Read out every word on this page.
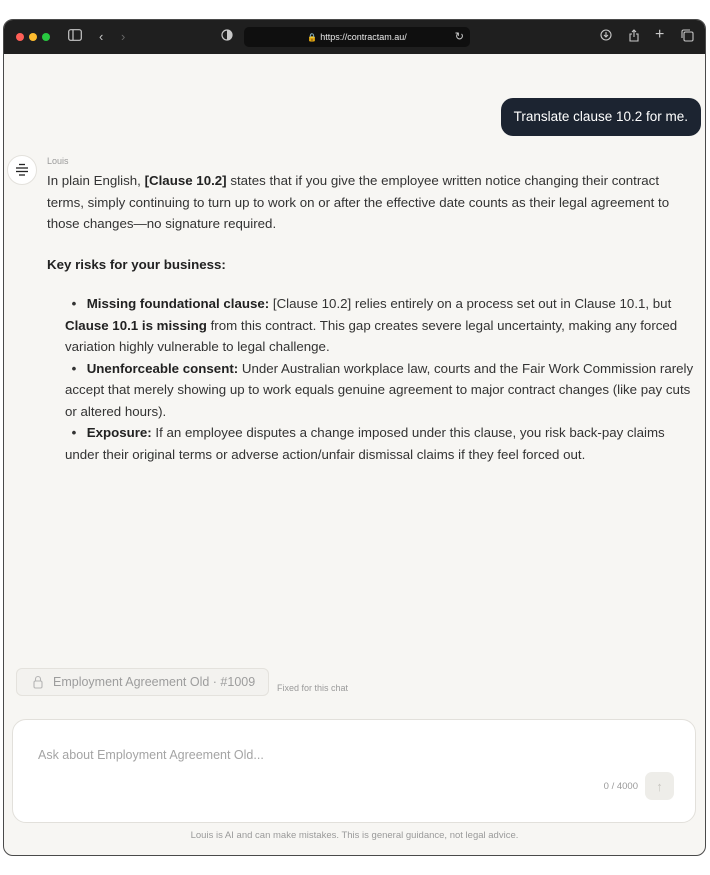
‹ ›	🔒 https://contractam.au/	↻	+
Translate clause 10.2 for me.
Louis

In plain English, [Clause 10.2] states that if you give the employee written notice changing their contract terms, simply continuing to turn up to work on or after the effective date counts as their legal agreement to those changes—no signature required.

Key risks for your business:

• Missing foundational clause: [Clause 10.2] relies entirely on a process set out in Clause 10.1, but Clause 10.1 is missing from this contract. This gap creates severe legal uncertainty, making any forced variation highly vulnerable to legal challenge.
• Unenforceable consent: Under Australian workplace law, courts and the Fair Work Commission rarely accept that merely showing up to work equals genuine agreement to major contract changes (like pay cuts or altered hours).
• Exposure: If an employee disputes a change imposed under this clause, you risk back-pay claims under their original terms or adverse action/unfair dismissal claims if they feel forced out.
Employment Agreement Old · #1009 Fixed for this chat
Ask about Employment Agreement Old...
0 / 4000 ↑
Louis is AI and can make mistakes. This is general guidance, not legal advice.
